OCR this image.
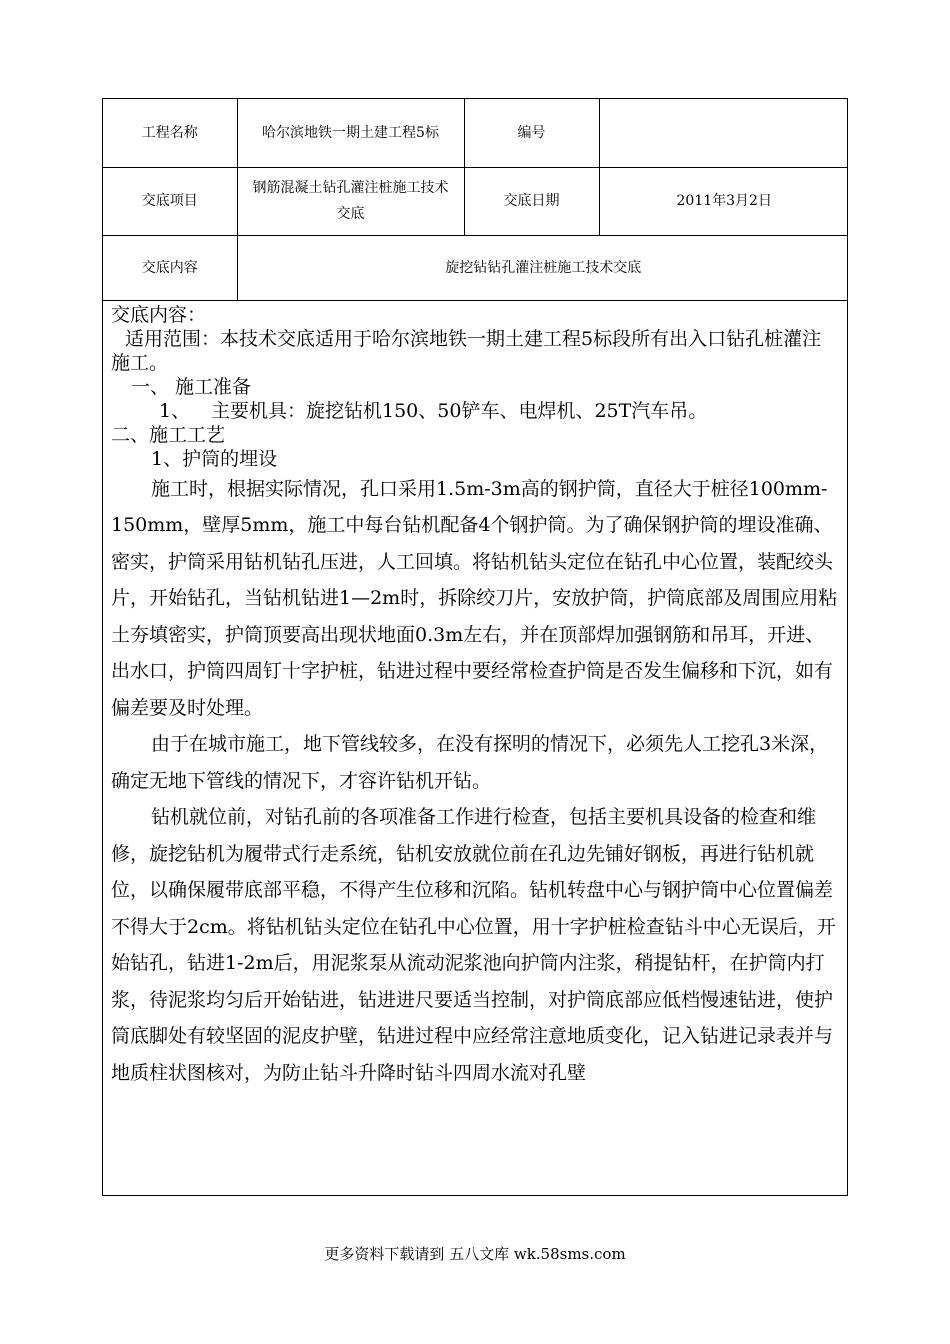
工程名称	哈尔滨地铁一期土建工程5标	编号	
交底项目	钢筋混凝土钻孔灌注桩施工技术交底	交底日期	2011年3月2日
交底内容	旋挖钻钻孔灌注桩施工技术交底		

交底内容：

适用范围：本技术交底适用于哈尔滨地铁一期土建工程5标段所有出入口钻孔桩灌注施工。

一、 施工准备

1、 主要机具：旋挖钻机150、50铲车、电焊机、25T汽车吊。

二、施工工艺

1、护筒的埋设

施工时，根据实际情况，孔口采用1.5m-3m高的钢护筒，直径大于桩径100mm-150mm，壁厚5mm，施工中每台钻机配备4个钢护筒。为了确保钢护筒的埋设准确、密实，护筒采用钻机钻孔压进，人工回填。将钻机钻头定位在钻孔中心位置，装配绞头片，开始钻孔，当钻机钻进1—2m时，拆除绞刀片，安放护筒，护筒底部及周围应用粘土夯填密实，护筒顶要高出现状地面0.3m左右，并在顶部焊加强钢筋和吊耳，开进、出水口，护筒四周钉十字护桩，钻进过程中要经常检查护筒是否发生偏移和下沉，如有偏差要及时处理。

由于在城市施工，地下管线较多，在没有探明的情况下，必须先人工挖孔3米深，确定无地下管线的情况下，才容许钻机开钻。

钻机就位前，对钻孔前的各项准备工作进行检查，包括主要机具设备的检查和维修，旋挖钻机为履带式行走系统，钻机安放就位前在孔边先铺好钢板，再进行钻机就位，以确保履带底部平稳，不得产生位移和沉陷。钻机转盘中心与钢护筒中心位置偏差不得大于2cm。将钻机钻头定位在钻孔中心位置，用十字护桩检查钻斗中心无误后，开始钻孔，钻进1-2m后，用泥浆泵从流动泥浆池向护筒内注浆，稍提钻杆，在护筒内打浆，待泥浆均匀后开始钻进，钻进进尺要适当控制，对护筒底部应低档慢速钻进，使护筒底脚处有较坚固的泥皮护壁，钻进过程中应经常注意地质变化，记入钻进记录表并与地质柱状图核对，为防止钻斗升降时钻斗四周水流对孔壁

更多资料下载请到 五八文库 wk.58sms.com
